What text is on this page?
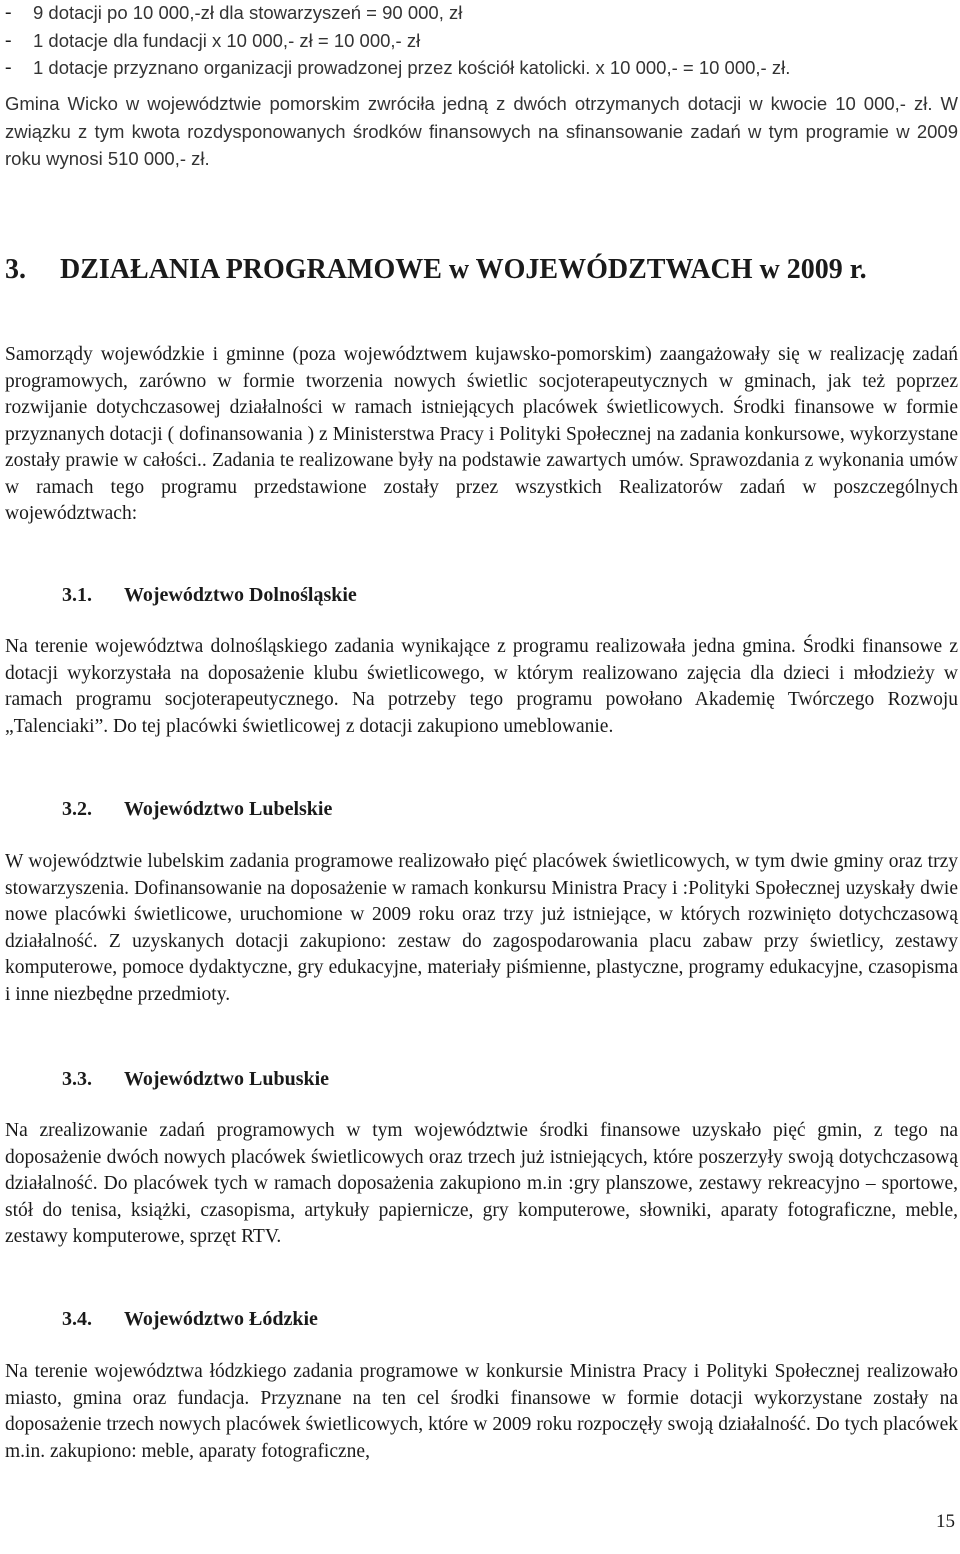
- 9 dotacji po 10 000,-zł dla stowarzyszeń = 90 000, zł
- 1 dotacje dla fundacji x 10 000,- zł = 10 000,- zł
- 1 dotacje przyznano organizacji prowadzonej przez kościół katolicki. x 10 000,- = 10 000,- zł.

Gmina Wicko w województwie pomorskim zwróciła jedną z dwóch otrzymanych dotacji w kwocie 10 000,- zł. W związku z tym kwota rozdysponowanych środków finansowych na sfinansowanie zadań w tym programie w 2009 roku wynosi 510 000,- zł.

3. DZIAŁANIA PROGRAMOWE w WOJEWÓDZTWACH w 2009 r.

Samorządy wojewódzkie i gminne (poza województwem kujawsko-pomorskim) zaangażowały się w realizację zadań programowych, zarówno w formie tworzenia nowych świetlic socjoterapeutycznych w gminach, jak też poprzez rozwijanie dotychczasowej działalności w ramach istniejących placówek świetlicowych. Środki finansowe w formie przyznanych dotacji ( dofinansowania ) z Ministerstwa Pracy i Polityki Społecznej na zadania konkursowe, wykorzystane zostały prawie w całości.. Zadania te realizowane były na podstawie zawartych umów. Sprawozdania z wykonania umów w ramach tego programu przedstawione zostały przez wszystkich Realizatorów zadań w poszczególnych województwach:

3.1. Województwo Dolnośląskie

Na terenie województwa dolnośląskiego zadania wynikające z programu realizowała jedna gmina. Środki finansowe z dotacji wykorzystała na doposażenie klubu świetlicowego, w którym realizowano zajęcia dla dzieci i młodzieży w ramach programu socjoterapeutycznego. Na potrzeby tego programu powołano Akademię Twórczego Rozwoju „Talenciaki”. Do tej placówki świetlicowej z dotacji zakupiono umeblowanie.

3.2. Województwo Lubelskie

W województwie lubelskim zadania programowe realizowało pięć placówek świetlicowych, w tym dwie gminy oraz trzy stowarzyszenia. Dofinansowanie na doposażenie w ramach konkursu Ministra Pracy i :Polityki Społecznej uzyskały dwie nowe placówki świetlicowe, uruchomione w 2009 roku oraz trzy już istniejące, w których rozwinięto dotychczasową działalność. Z uzyskanych dotacji zakupiono: zestaw do zagospodarowania placu zabaw przy świetlicy, zestawy komputerowe, pomoce dydaktyczne, gry edukacyjne, materiały piśmienne, plastyczne, programy edukacyjne, czasopisma i inne niezbędne przedmioty.

3.3. Województwo Lubuskie

Na zrealizowanie zadań programowych w tym województwie środki finansowe uzyskało pięć gmin, z tego na doposażenie dwóch nowych placówek świetlicowych oraz trzech już istniejących, które poszerzyły swoją dotychczasową działalność. Do placówek tych w ramach doposażenia zakupiono m.in :gry planszowe, zestawy rekreacyjno – sportowe, stół do tenisa, książki, czasopisma, artykuły papiernicze, gry komputerowe, słowniki, aparaty fotograficzne, meble, zestawy komputerowe, sprzęt RTV.

3.4. Województwo Łódzkie

Na terenie województwa łódzkiego zadania programowe w konkursie Ministra Pracy i Polityki Społecznej realizowało miasto, gmina oraz fundacja. Przyznane na ten cel środki finansowe w formie dotacji wykorzystane zostały na doposażenie trzech nowych placówek świetlicowych, które w 2009 roku rozpoczęły swoją działalność. Do tych placówek m.in. zakupiono: meble, aparaty fotograficzne,

15
